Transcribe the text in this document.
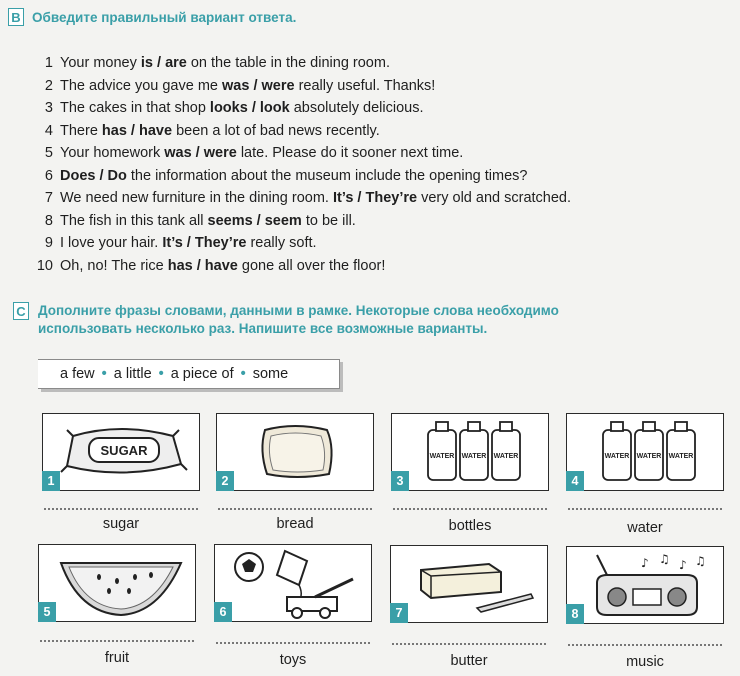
B Обведите правильный вариант ответа.
1 Your money is / are on the table in the dining room.
2 The advice you gave me was / were really useful. Thanks!
3 The cakes in that shop looks / look absolutely delicious.
4 There has / have been a lot of bad news recently.
5 Your homework was / were late. Please do it sooner next time.
6 Does / Do the information about the museum include the opening times?
7 We need new furniture in the dining room. It’s / They’re very old and scratched.
8 The fish in this tank all seems / seem to be ill.
9 I love your hair. It’s / They’re really soft.
10 Oh, no! The rice has / have gone all over the floor!
C Дополните фразы словами, данными в рамке. Некоторые слова необходимо
использовать несколько раз. Напишите все возможные варианты.
a few • a little • a piece of • some
SUGAR
1	2
WATER WATER WATER
3
WATER WATER WATER
4
sugar	bread	bottles	water
5	6	7
♪ ♫ ♪ ♫
8
fruit	toys	butter	music
